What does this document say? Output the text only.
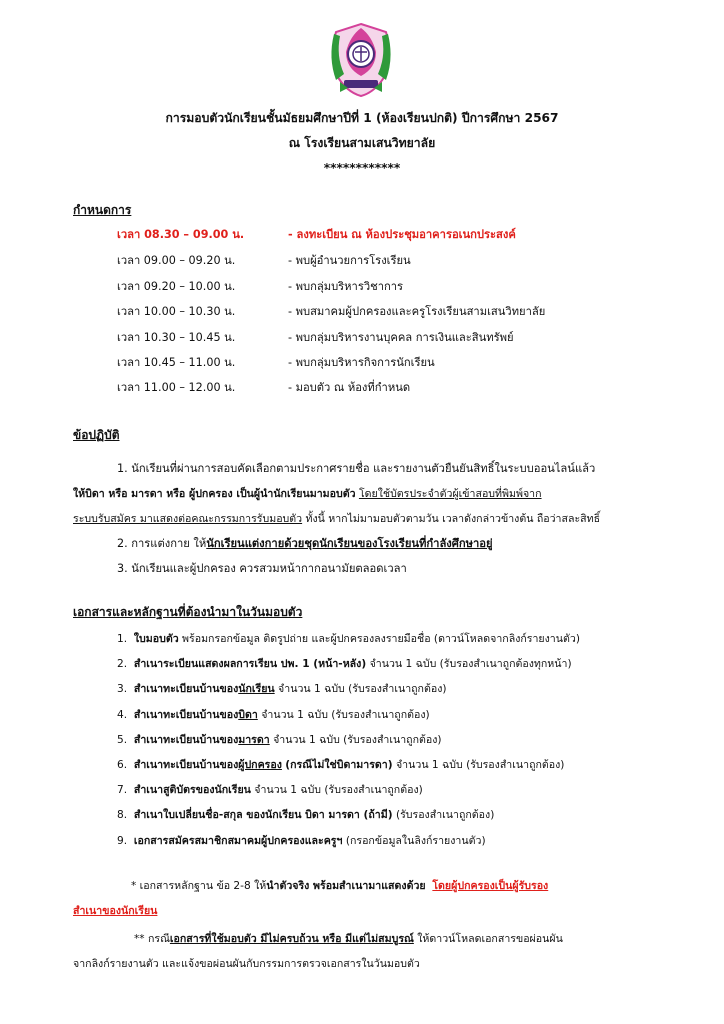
การมอบตัวนักเรียนชั้นมัธยมศึกษาปีที่ 1 (ห้องเรียนปกติ) ปีการศึกษา 2567
ณ โรงเรียนสามเสนวิทยาลัย
************
กำหนดการ
เวลา 08.30 – 09.00 น.	- ลงทะเบียน ณ ห้องประชุมอาคารอเนกประสงค์
เวลา 09.00 – 09.20 น.	- พบผู้อำนวยการโรงเรียน
เวลา 09.20 – 10.00 น.	- พบกลุ่มบริหารวิชาการ
เวลา 10.00 – 10.30 น.	- พบสมาคมผู้ปกครองและครูโรงเรียนสามเสนวิทยาลัย
เวลา 10.30 – 10.45 น.	- พบกลุ่มบริหารงานบุคคล การเงินและสินทรัพย์
เวลา 10.45 – 11.00 น.	- พบกลุ่มบริหารกิจการนักเรียน
เวลา 11.00 – 12.00 น.	- มอบตัว ณ ห้องที่กำหนด
ข้อปฏิบัติ
1. นักเรียนที่ผ่านการสอบคัดเลือกตามประกาศรายชื่อ และรายงานตัวยืนยันสิทธิ์ในระบบออนไลน์แล้ว
ให้บิดา หรือ มารดา หรือ ผู้ปกครอง เป็นผู้นำนักเรียนมามอบตัว โดยใช้บัตรประจำตัวผู้เข้าสอบที่พิมพ์จาก
ระบบรับสมัคร มาแสดงต่อคณะกรรมการรับมอบตัว ทั้งนี้ หากไม่มามอบตัวตามวัน เวลาดังกล่าวข้างต้น ถือว่าสละสิทธิ์
2. การแต่งกาย ให้นักเรียนแต่งกายด้วยชุดนักเรียนของโรงเรียนที่กำลังศึกษาอยู่
3. นักเรียนและผู้ปกครอง ควรสวมหน้ากากอนามัยตลอดเวลา
เอกสารและหลักฐานที่ต้องนำมาในวันมอบตัว
1. ใบมอบตัว พร้อมกรอกข้อมูล ติดรูปถ่าย และผู้ปกครองลงรายมือชื่อ (ดาวน์โหลดจากลิงก์รายงานตัว)
2. สำเนาระเบียนแสดงผลการเรียน ปพ. 1 (หน้า-หลัง) จำนวน 1 ฉบับ (รับรองสำเนาถูกต้องทุกหน้า)
3. สำเนาทะเบียนบ้านของนักเรียน จำนวน 1 ฉบับ (รับรองสำเนาถูกต้อง)
4. สำเนาทะเบียนบ้านของบิดา จำนวน 1 ฉบับ (รับรองสำเนาถูกต้อง)
5. สำเนาทะเบียนบ้านของมารดา จำนวน 1 ฉบับ (รับรองสำเนาถูกต้อง)
6. สำเนาทะเบียนบ้านของผู้ปกครอง (กรณีไม่ใช่บิดามารดา) จำนวน 1 ฉบับ (รับรองสำเนาถูกต้อง)
7. สำเนาสูติบัตรของนักเรียน จำนวน 1 ฉบับ (รับรองสำเนาถูกต้อง)
8. สำเนาใบเปลี่ยนชื่อ-สกุล ของนักเรียน บิดา มารดา (ถ้ามี) (รับรองสำเนาถูกต้อง)
9. เอกสารสมัครสมาชิกสมาคมผู้ปกครองและครูฯ (กรอกข้อมูลในลิงก์รายงานตัว)
* เอกสารหลักฐาน ข้อ 2-8 ให้นำตัวจริง พร้อมสำเนามาแสดงด้วย โดยผู้ปกครองเป็นผู้รับรอง
สำเนาของนักเรียน
** กรณีเอกสารที่ใช้มอบตัว มีไม่ครบถ้วน หรือ มีแต่ไม่สมบูรณ์ ให้ดาวน์โหลดเอกสารขอผ่อนผัน
จากลิงก์รายงานตัว และแจ้งขอผ่อนผันกับกรรมการตรวจเอกสารในวันมอบตัว
